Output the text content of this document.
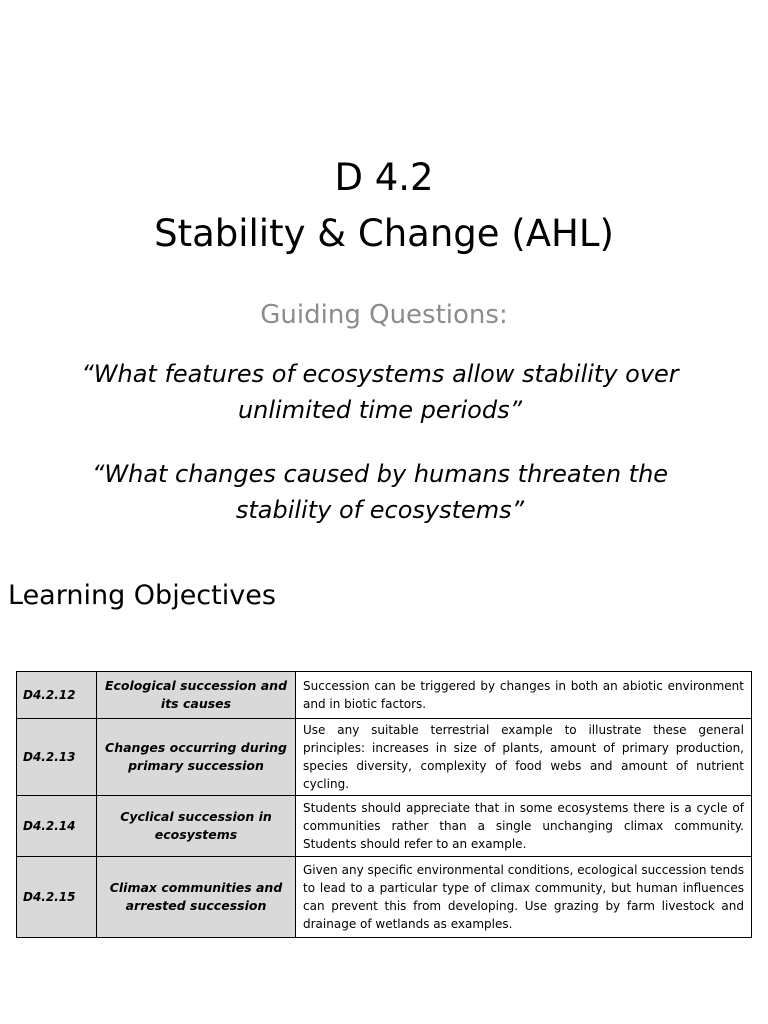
D 4.2
Stability & Change (AHL)
Guiding Questions:
“What features of ecosystems allow stability over unlimited time periods”
“What changes caused by humans threaten the stability of ecosystems”
Learning Objectives
D4.2.12	Ecological succession and its causes	Succession can be triggered by changes in both an abiotic environment and in biotic factors.
D4.2.13	Changes occurring during primary succession	Use any suitable terrestrial example to illustrate these general principles: increases in size of plants, amount of primary production, species diversity, complexity of food webs and amount of nutrient cycling.
D4.2.14	Cyclical succession in ecosystems	Students should appreciate that in some ecosystems there is a cycle of communities rather than a single unchanging climax community. Students should refer to an example.
D4.2.15	Climax communities and arrested succession	Given any specific environmental conditions, ecological succession tends to lead to a particular type of climax community, but human influences can prevent this from developing. Use grazing by farm livestock and drainage of wetlands as examples.
